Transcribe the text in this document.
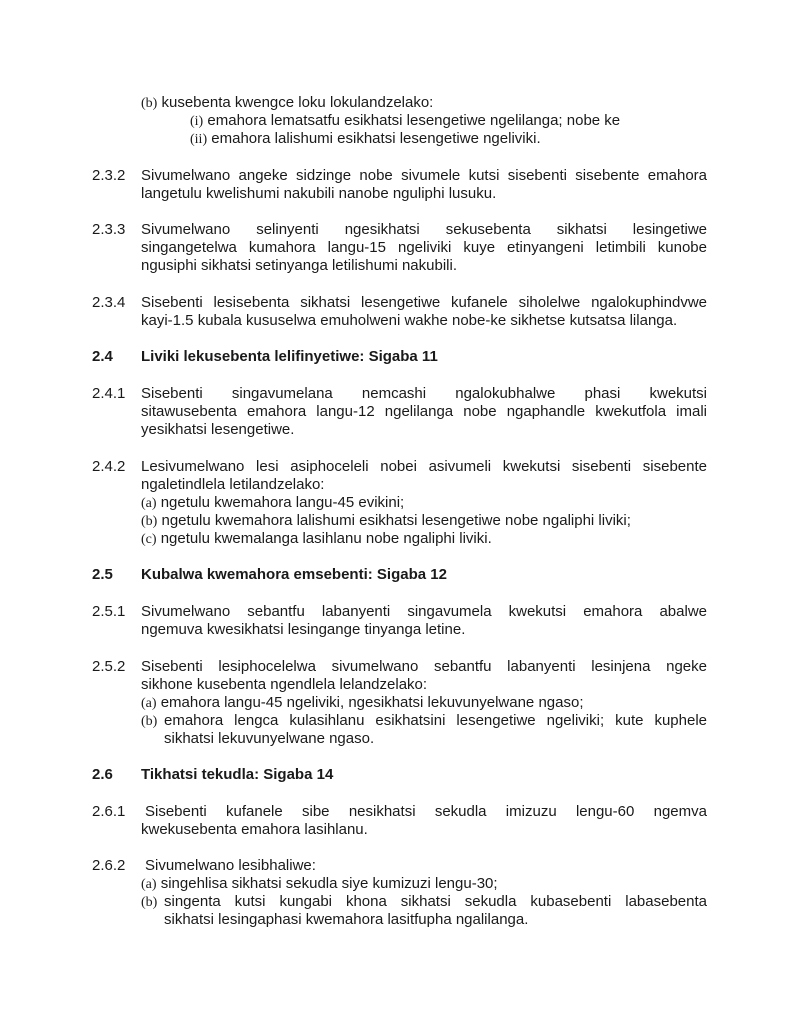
(b) kusebenta kwengce loku lokulandzelako:
(i) emahora lematsatfu esikhatsi lesengetiwe ngelilanga; nobe ke
(ii) emahora lalishumi esikhatsi lesengetiwe ngeliviki.
2.3.2 Sivumelwano angeke sidzinge nobe sivumele kutsi sisebenti sisebente emahora
langetulu kwelishumi nakubili nanobe nguliphi lusuku.
2.3.3 Sivumelwano selinyenti ngesikhatsi sekusebenta sikhatsi lesingetiwe
singangetelwa kumahora langu-15 ngeliviki kuye etinyangeni letimbili kunobe
ngusiphi sikhatsi setinyanga letilishumi nakubili.
2.3.4 Sisebenti lesisebenta sikhatsi lesengetiwe kufanele siholelwe ngalokuphindvwe
kayi-1.5 kubala kususelwa emuholweni wakhe nobe-ke sikhetse kutsatsa lilanga.
2.4 Liviki lekusebenta lelifinyetiwe: Sigaba 11
2.4.1 Sisebenti singavumelana nemcashi ngalokubhalwe phasi kwekutsi
sitawusebenta emahora langu-12 ngelilanga nobe ngaphandle kwekutfola imali
yesikhatsi lesengetiwe.
2.4.2 Lesivumelwano lesi asiphoceleli nobei asivumeli kwekutsi sisebenti sisebente
ngaletindlela letilandzelako:
(a) ngetulu kwemahora langu-45 evikini;
(b) ngetulu kwemahora lalishumi esikhatsi lesengetiwe nobe ngaliphi liviki;
(c) ngetulu kwemalanga lasihlanu nobe ngaliphi liviki.
2.5 Kubalwa kwemahora emsebenti: Sigaba 12
2.5.1 Sivumelwano sebantfu labanyenti singavumela kwekutsi emahora abalwe
ngemuva kwesikhatsi lesingange tinyanga letine.
2.5.2 Sisebenti lesiphocelelwa sivumelwano sebantfu labanyenti lesinjena ngeke
sikhone kusebenta ngendlela lelandzelako:
(a) emahora langu-45 ngeliviki, ngesikhatsi lekuvunyelwane ngaso;
(b) emahora lengca kulasihlanu esikhatsini lesengetiwe ngeliviki; kute kuphele
sikhatsi lekuvunyelwane ngaso.
2.6 Tikhatsi tekudla: Sigaba 14
2.6.1 Sisebenti kufanele sibe nesikhatsi sekudla imizuzu lengu-60 ngemva
kwekusebenta emahora lasihlanu.
2.6.2 Sivumelwano lesibhaliwe:
(a) singehlisa sikhatsi sekudla siye kumizuzi lengu-30;
(b) singenta kutsi kungabi khona sikhatsi sekudla kubasebenti labasebenta
sikhatsi lesingaphasi kwemahora lasitfupha ngalilanga.
